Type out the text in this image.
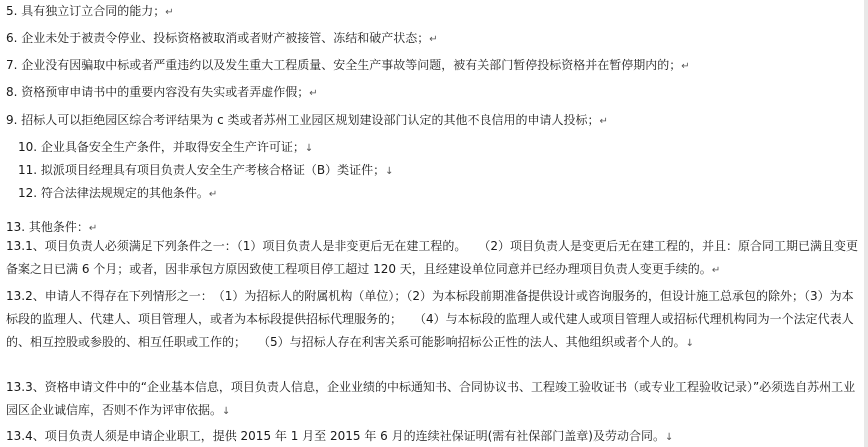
5. 具有独立订立合同的能力；↵
6. 企业未处于被责令停业、投标资格被取消或者财产被接管、冻结和破产状态；↵
7. 企业没有因骗取中标或者严重违约以及发生重大工程质量、安全生产事故等问题，被有关部门暂停投标资格并在暂停期内的；↵
8. 资格预审申请书中的重要内容没有失实或者弄虚作假；↵
9. 招标人可以拒绝园区综合考评结果为 c 类或者苏州工业园区规划建设部门认定的其他不良信用的申请人投标；↵
10. 企业具备安全生产条件，并取得安全生产许可证；↓
11. 拟派项目经理具有项目负责人安全生产考核合格证（B）类证件；↓
12. 符合法律法规规定的其他条件。↵
13. 其他条件：↵
13.1、项目负责人必须满足下列条件之一：（1）项目负责人是非变更后无在建工程的。　　（2）项目负责人是变更后无在建工程的，并且：原合同工期已满且变更备案之日已满 6 个月；或者，因非承包方原因致使工程项目停工超过 120 天，且经建设单位同意并已经办理项目负责人变更手续的。↵
13.2、申请人不得存在下列情形之一：　（1）为招标人的附属机构（单位）；（2）为本标段前期准备提供设计或咨询服务的，但设计施工总承包的除外；（3）为本标段的监理人、代建人、项目管理人，或者为本标段提供招标代理服务的；　　（4）与本标段的监理人或代建人或项目管理人或招标代理机构同为一个法定代表人的、相互控股或参股的、相互任职或工作的；　　（5）与招标人存在利害关系可能影响招标公正性的法人、其他组织或者个人的。↓
13.3、资格申请文件中的“企业基本信息，项目负责人信息，企业业绩的中标通知书、合同协议书、工程竣工验收证书（或专业工程验收记录）”必须选自苏州工业园区企业诚信库，否则不作为评审依据。↓
13.4、项目负责人须是申请企业职工，提供 2015 年 1 月至 2015 年 6 月的连续社保证明(需有社保部门盖章)及劳动合同。↓
